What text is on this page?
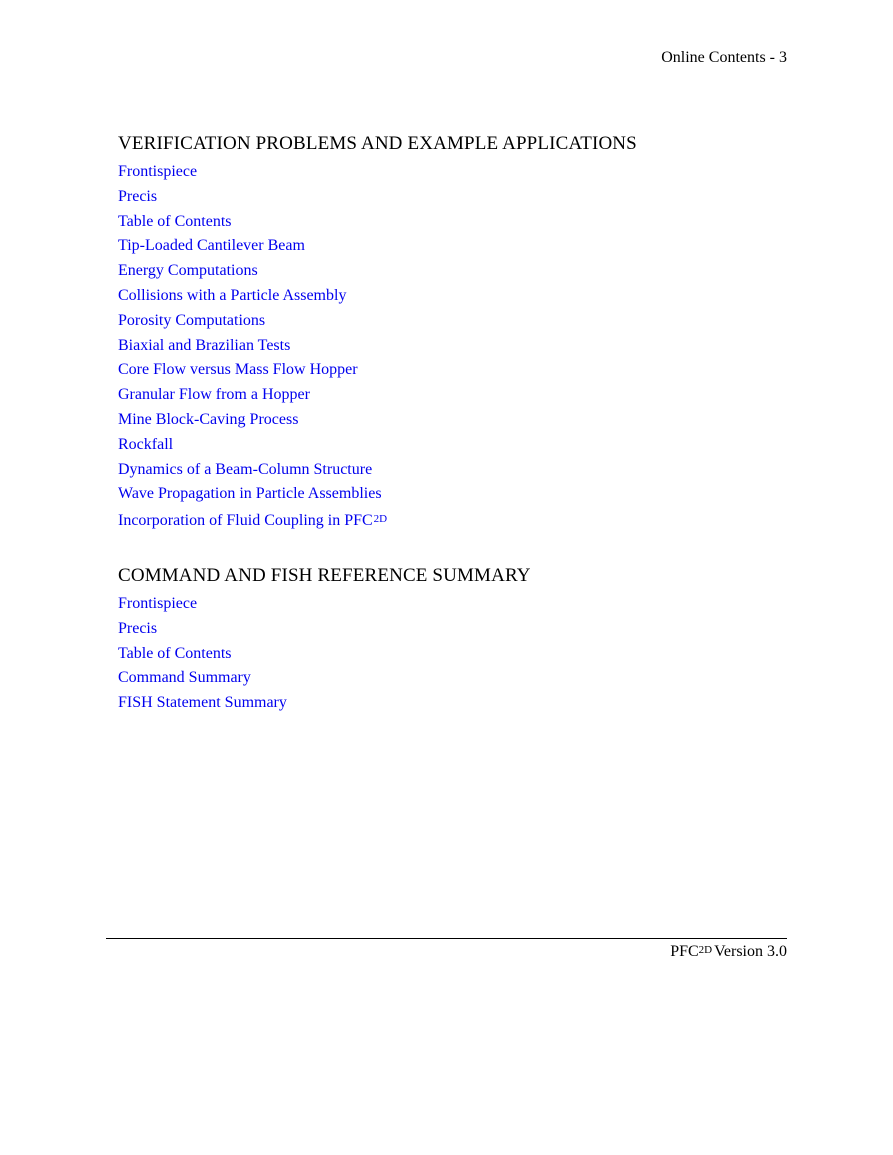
Online Contents - 3
VERIFICATION PROBLEMS AND EXAMPLE APPLICATIONS
Frontispiece
Precis
Table of Contents
Tip-Loaded Cantilever Beam
Energy Computations
Collisions with a Particle Assembly
Porosity Computations
Biaxial and Brazilian Tests
Core Flow versus Mass Flow Hopper
Granular Flow from a Hopper
Mine Block-Caving Process
Rockfall
Dynamics of a Beam-Column Structure
Wave Propagation in Particle Assemblies
Incorporation of Fluid Coupling in PFC$^{2D}$
COMMAND AND FISH REFERENCE SUMMARY
Frontispiece
Precis
Table of Contents
Command Summary
FISH Statement Summary
$PFC^{2D}$ Version 3.0
